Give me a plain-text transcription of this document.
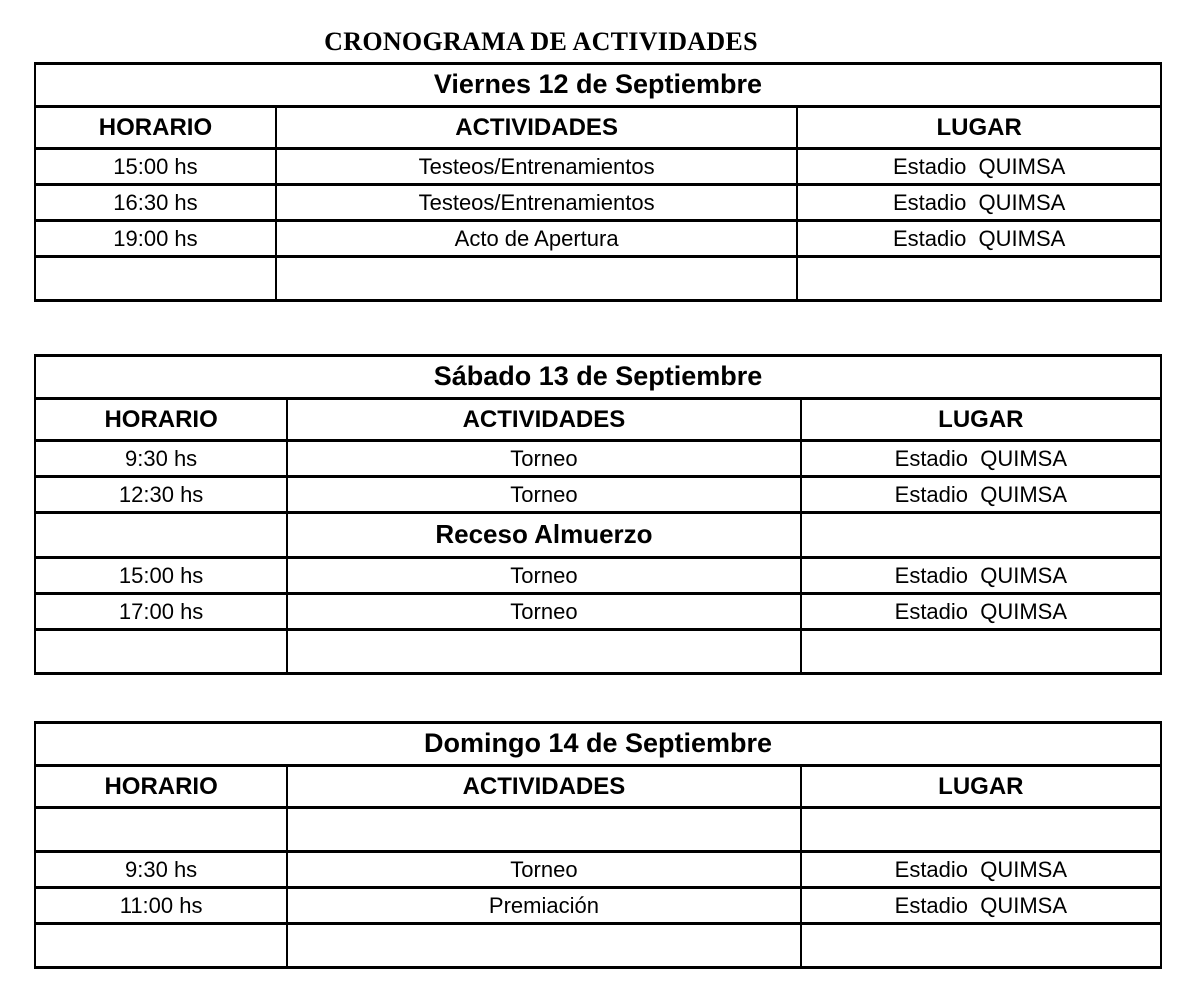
CRONOGRAMA DE ACTIVIDADES
Viernes 12 de Septiembre		
HORARIO	ACTIVIDADES	LUGAR
15:00 hs	Testeos/Entrenamientos	Estadio  QUIMSA
16:30 hs	Testeos/Entrenamientos	Estadio  QUIMSA
19:00 hs	Acto de Apertura	Estadio  QUIMSA

Sábado 13 de Septiembre		
HORARIO	ACTIVIDADES	LUGAR
9:30 hs	Torneo	Estadio  QUIMSA
12:30 hs	Torneo	Estadio  QUIMSA
	Receso Almuerzo	
15:00 hs	Torneo	Estadio  QUIMSA
17:00 hs	Torneo	Estadio  QUIMSA

Domingo 14 de Septiembre		
HORARIO	ACTIVIDADES	LUGAR

9:30 hs	Torneo	Estadio  QUIMSA
11:00 hs	Premiación	Estadio  QUIMSA
